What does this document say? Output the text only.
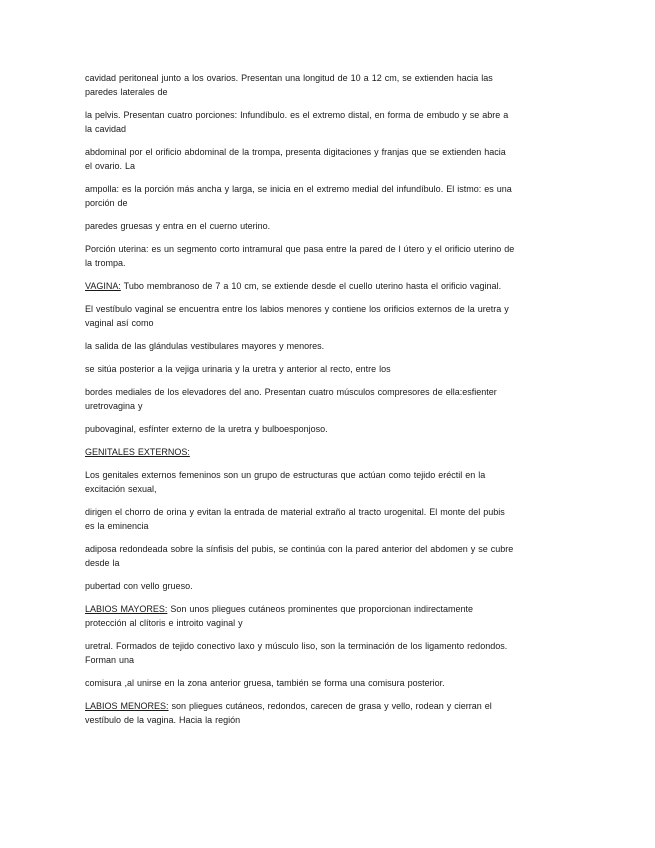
cavidad peritoneal junto a los ovarios. Presentan una longitud de 10 a 12 cm, se extienden hacia las paredes laterales de

la pelvis. Presentan cuatro porciones: Infundíbulo. es el extremo distal, en forma de embudo y se abre a la cavidad

abdominal por el orificio abdominal de la trompa, presenta digitaciones y franjas que se extienden hacia el ovario. La

ampolla: es la porción más ancha y larga, se inicia en el extremo medial del infundíbulo. El istmo: es una porción de

paredes gruesas y entra en el cuerno uterino.

Porción uterina: es un segmento corto intramural que pasa entre la pared de l útero y el orificio uterino de la trompa.

VAGINA: Tubo membranoso de 7 a 10 cm, se extiende desde el cuello uterino hasta el orificio vaginal.

El vestíbulo vaginal se encuentra entre los labios menores y contiene los orificios externos de la uretra y vaginal así como

la salida de las glándulas vestibulares mayores y menores.

se sitúa posterior a la vejiga urinaria y la uretra y anterior al recto, entre los

bordes mediales de los elevadores del ano. Presentan cuatro músculos compresores de ella:esfienter uretrovagina y

pubovaginal, esfínter externo de la uretra y bulboesponjoso.

GENITALES EXTERNOS:

Los genitales externos femeninos son un grupo de estructuras que actúan como tejido eréctil en la excitación sexual,

dirigen el chorro de orina y evitan la entrada de material extraño al tracto urogenital. El monte del pubis es la eminencia

adiposa redondeada sobre la sínfisis del pubis, se continúa con la pared anterior del abdomen y se cubre desde la

pubertad con vello grueso.

LABIOS MAYORES: Son unos pliegues cutáneos prominentes que proporcionan indirectamente protección al clítoris e introito vaginal y

uretral. Formados de tejido conectivo laxo y músculo liso, son la terminación de los ligamento redondos. Forman una

comisura ,al unirse en la zona anterior gruesa, también se forma una comisura posterior.

LABIOS MENORES: son pliegues cutáneos, redondos, carecen de grasa y vello, rodean y cierran el vestíbulo de la vagina. Hacia la región
